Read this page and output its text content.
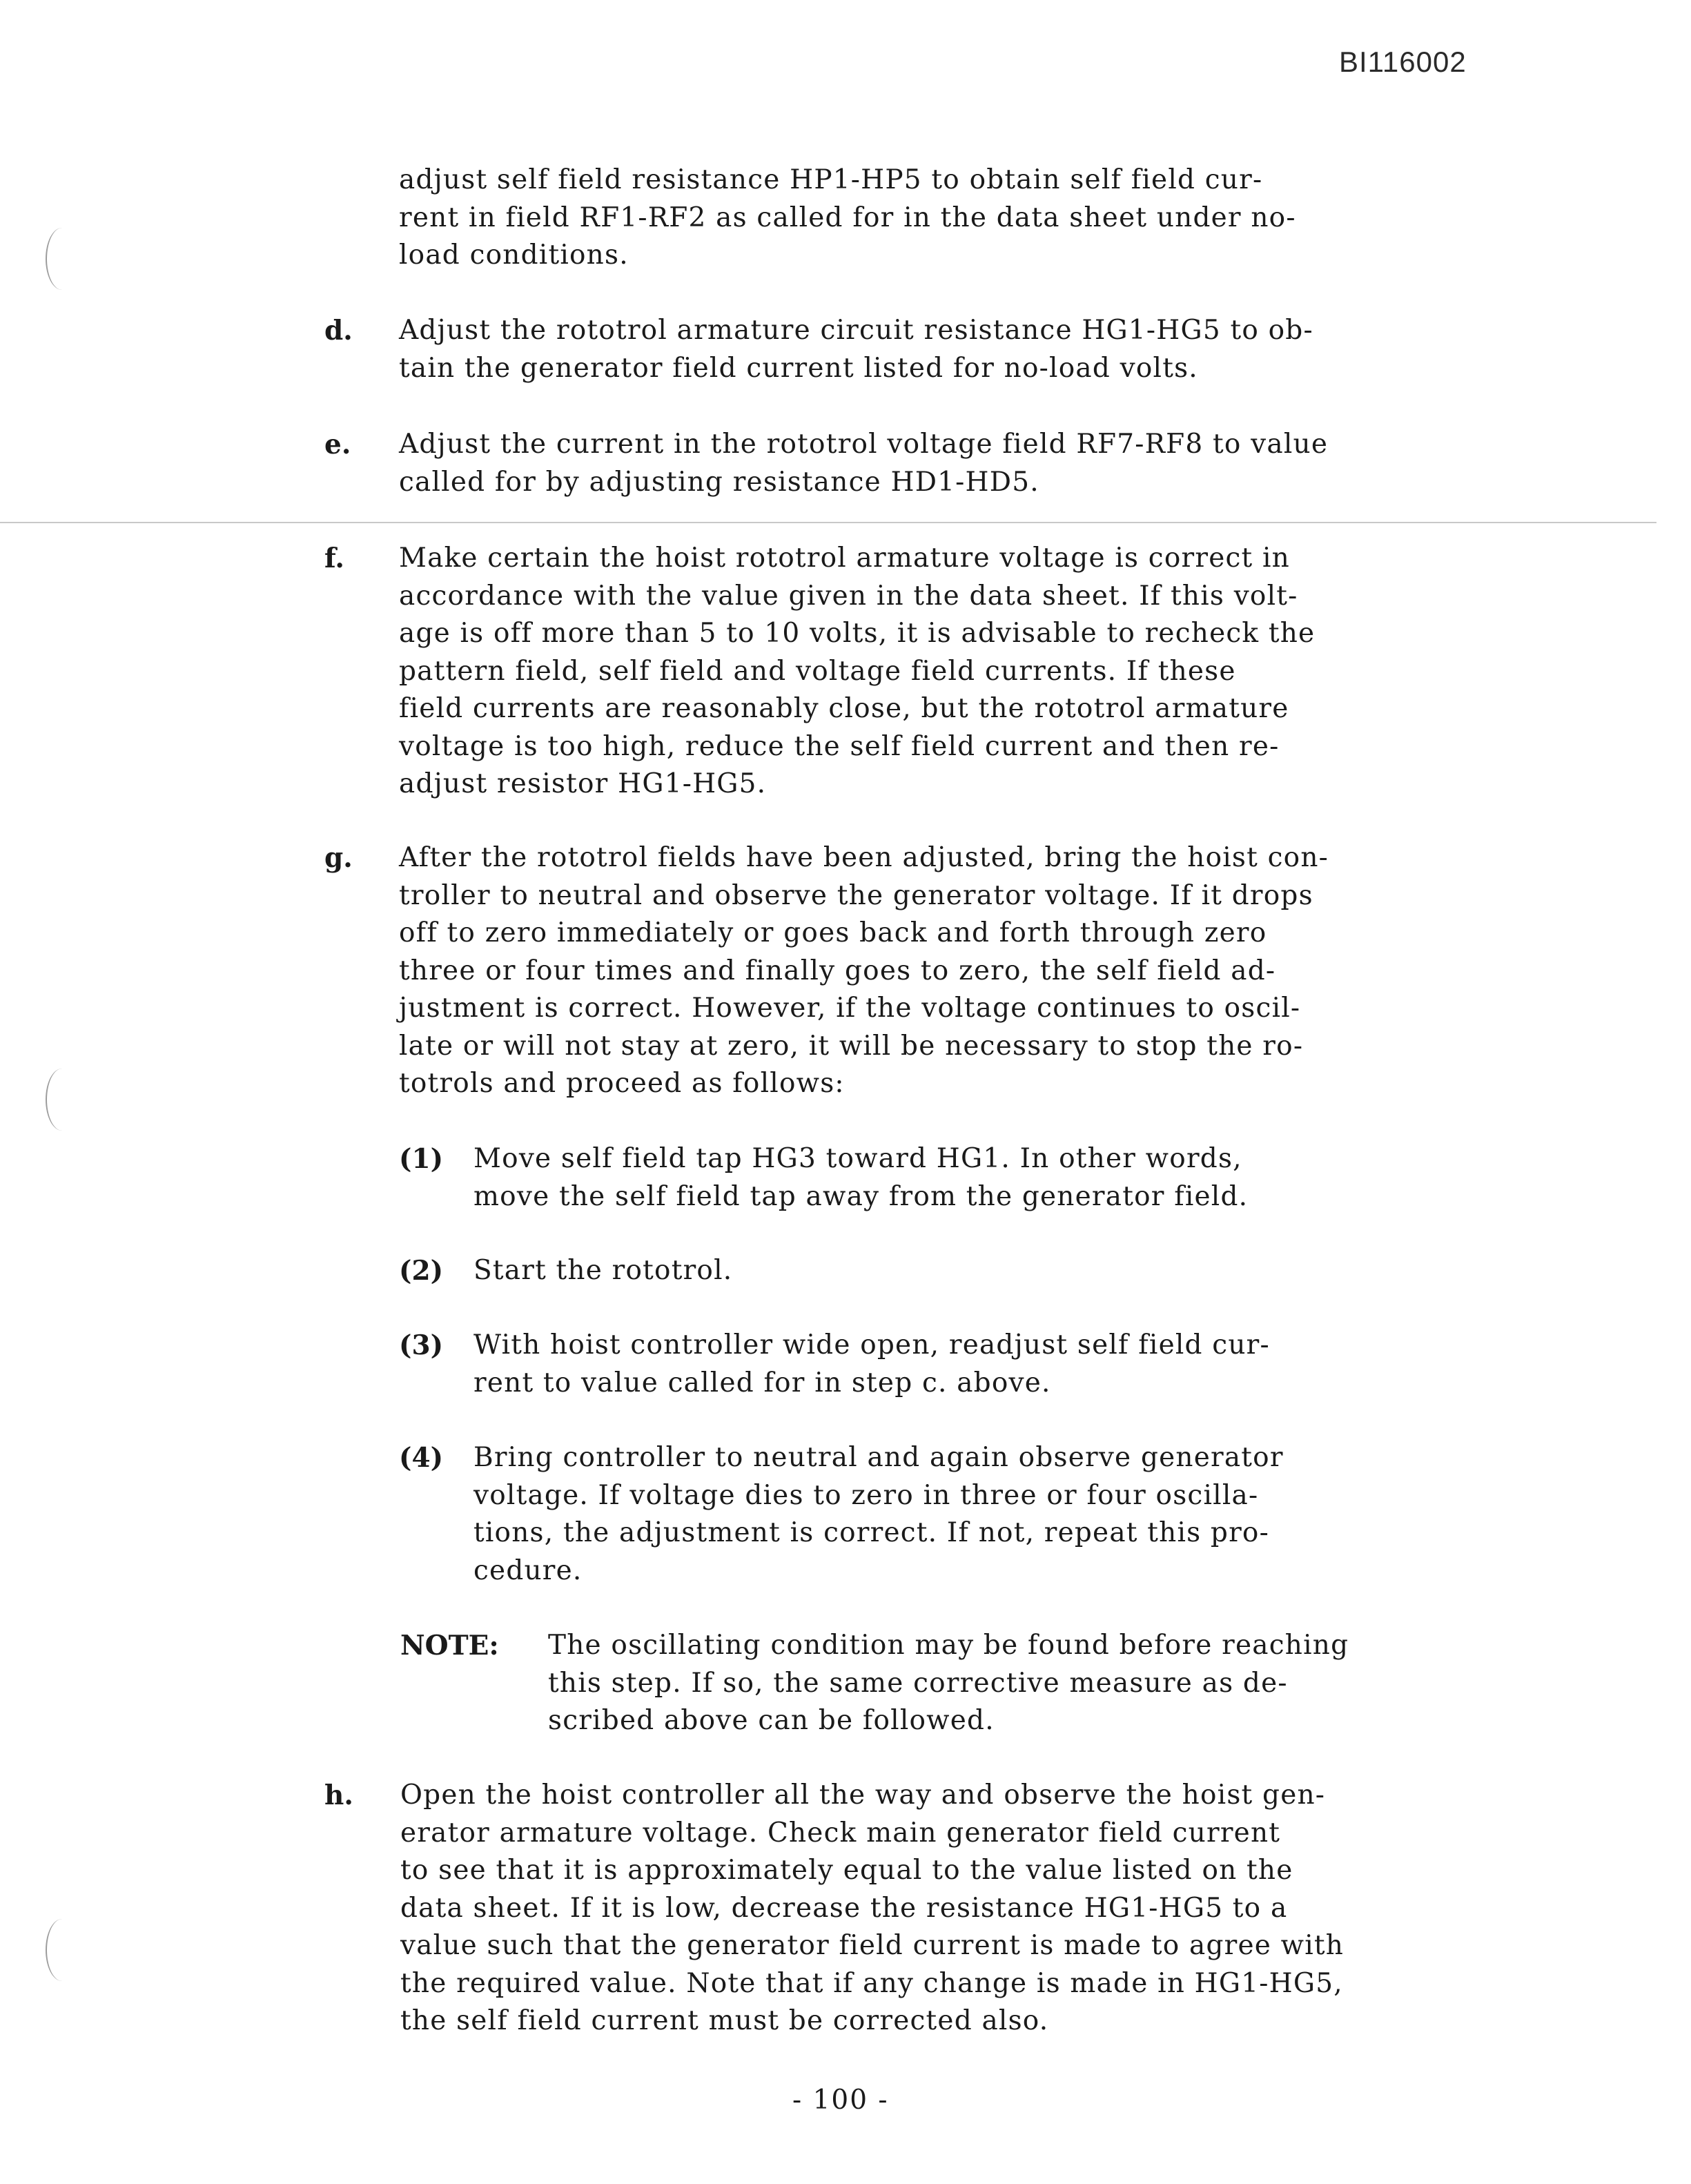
BI116002
adjust self field resistance HP1-HP5 to obtain self field cur-
rent in field RF1-RF2 as called for in the data sheet under no-
load conditions.
d. Adjust the rototrol armature circuit resistance HG1-HG5 to ob-
tain the generator field current listed for no-load volts.
e. Adjust the current in the rototrol voltage field RF7-RF8 to value
called for by adjusting resistance HD1-HD5.
f. Make certain the hoist rototrol armature voltage is correct in
accordance with the value given in the data sheet. If this volt-
age is off more than 5 to 10 volts, it is advisable to recheck the
pattern field, self field and voltage field currents. If these
field currents are reasonably close, but the rototrol armature
voltage is too high, reduce the self field current and then re-
adjust resistor HG1-HG5.
g. After the rototrol fields have been adjusted, bring the hoist con-
troller to neutral and observe the generator voltage. If it drops
off to zero immediately or goes back and forth through zero
three or four times and finally goes to zero, the self field ad-
justment is correct. However, if the voltage continues to oscil-
late or will not stay at zero, it will be necessary to stop the ro-
totrols and proceed as follows:
(1) Move self field tap HG3 toward HG1. In other words,
move the self field tap away from the generator field.
(2) Start the rototrol.
(3) With hoist controller wide open, readjust self field cur-
rent to value called for in step c. above.
(4) Bring controller to neutral and again observe generator
voltage. If voltage dies to zero in three or four oscilla-
tions, the adjustment is correct. If not, repeat this pro-
cedure.
NOTE: The oscillating condition may be found before reaching
this step. If so, the same corrective measure as de-
scribed above can be followed.
h. Open the hoist controller all the way and observe the hoist gen-
erator armature voltage. Check main generator field current
to see that it is approximately equal to the value listed on the
data sheet. If it is low, decrease the resistance HG1-HG5 to a
value such that the generator field current is made to agree with
the required value. Note that if any change is made in HG1-HG5,
the self field current must be corrected also.
- 100 -
